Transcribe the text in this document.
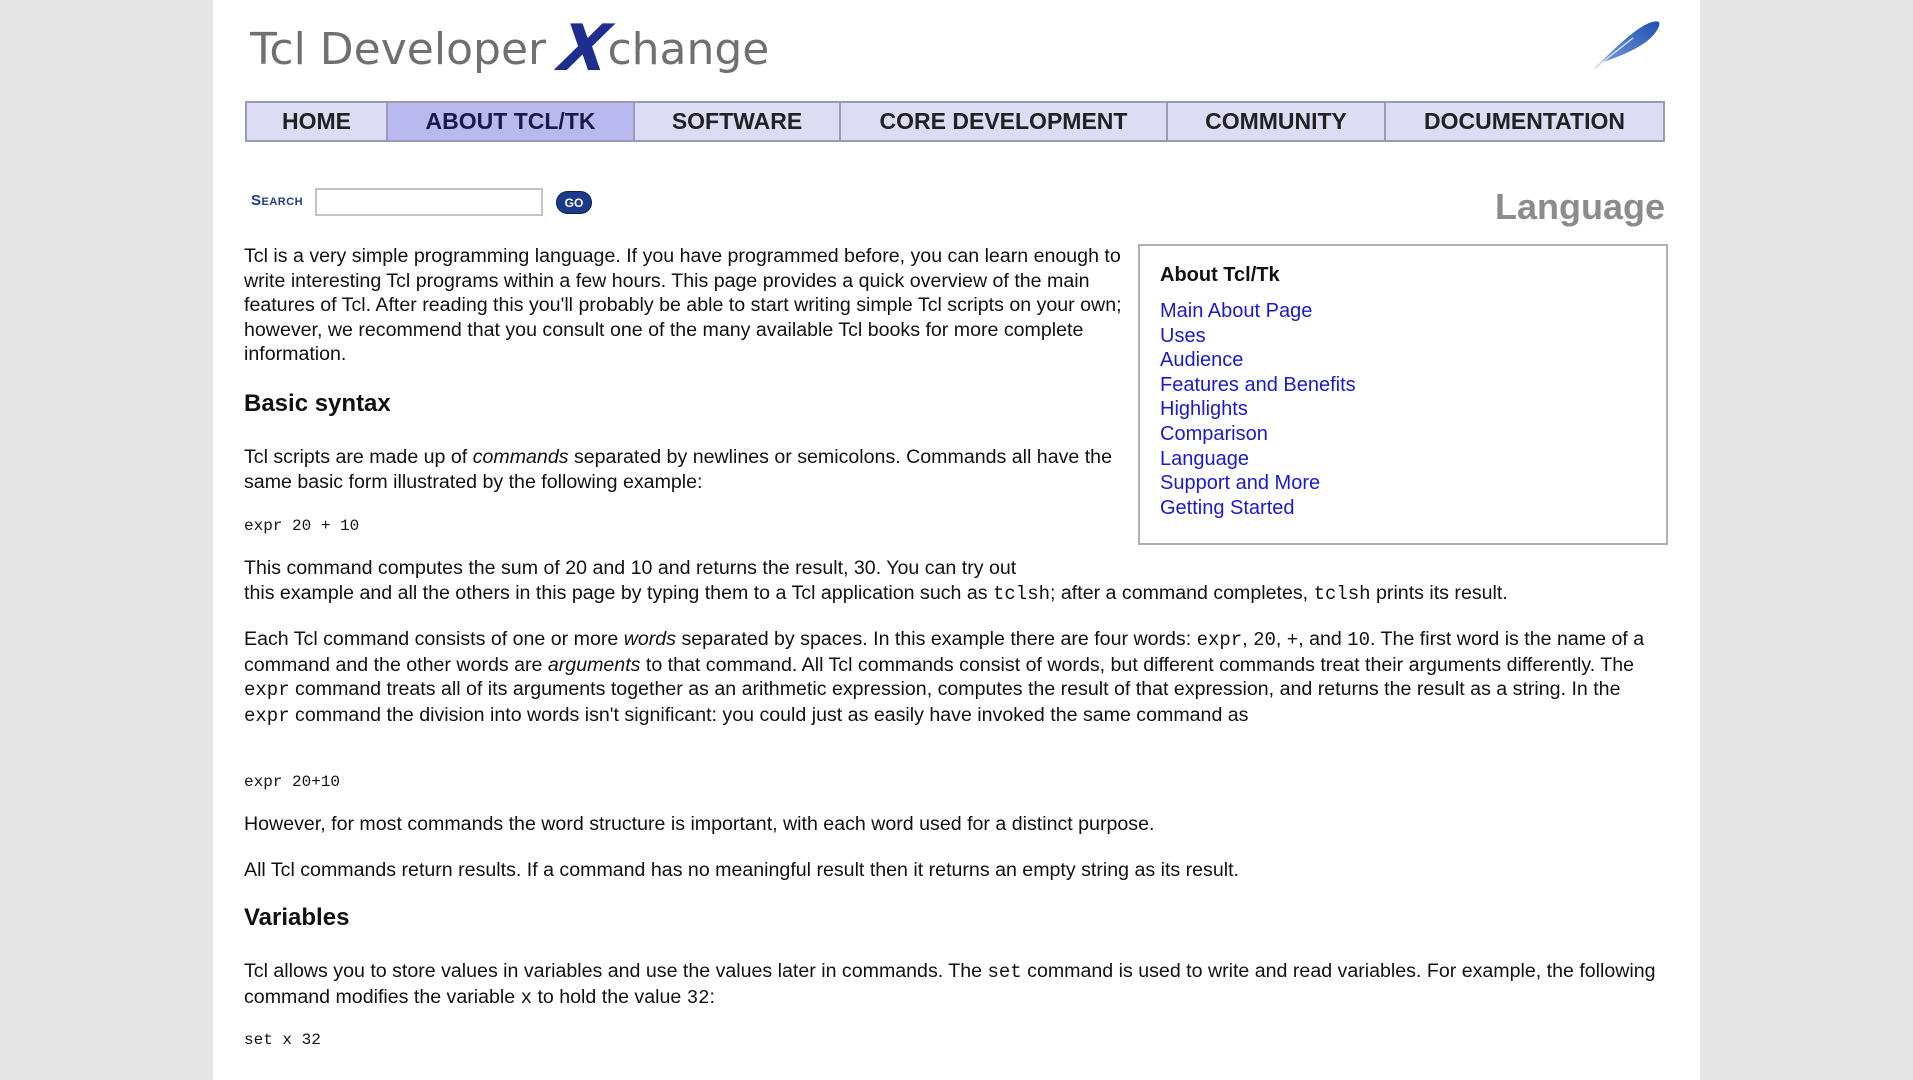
Tcl Developer Xchange
HOME	ABOUT TCL/TK	SOFTWARE	CORE DEVELOPMENT	COMMUNITY	DOCUMENTATION
Search	GO	Language
About Tcl/Tk
Main About Page
Uses
Audience
Features and Benefits
Highlights
Comparison
Language
Support and More
Getting Started

Tcl is a very simple programming language. If you have programmed before, you can learn enough to write interesting Tcl programs within a few hours. This page provides a quick overview of the main features of Tcl. After reading this you'll probably be able to start writing simple Tcl scripts on your own; however, we recommend that you consult one of the many available Tcl books for more complete information.

Basic syntax

Tcl scripts are made up of commands separated by newlines or semicolons. Commands all have the same basic form illustrated by the following example:

expr 20 + 10

This command computes the sum of 20 and 10 and returns the result, 30. You can try out
this example and all the others in this page by typing them to a Tcl application such as tclsh; after a command completes, tclsh prints its result.

Each Tcl command consists of one or more words separated by spaces. In this example there are four words: expr, 20, +, and 10. The first word is the name of a command and the other words are arguments to that command. All Tcl commands consist of words, but different commands treat their arguments differently. The expr command treats all of its arguments together as an arithmetic expression, computes the result of that expression, and returns the result as a string. In the expr command the division into words isn't significant: you could just as easily have invoked the same command as

expr 20+10

However, for most commands the word structure is important, with each word used for a distinct purpose.

All Tcl commands return results. If a command has no meaningful result then it returns an empty string as its result.

Variables

Tcl allows you to store values in variables and use the values later in commands. The set command is used to write and read variables. For example, the following command modifies the variable x to hold the value 32:

set x 32
